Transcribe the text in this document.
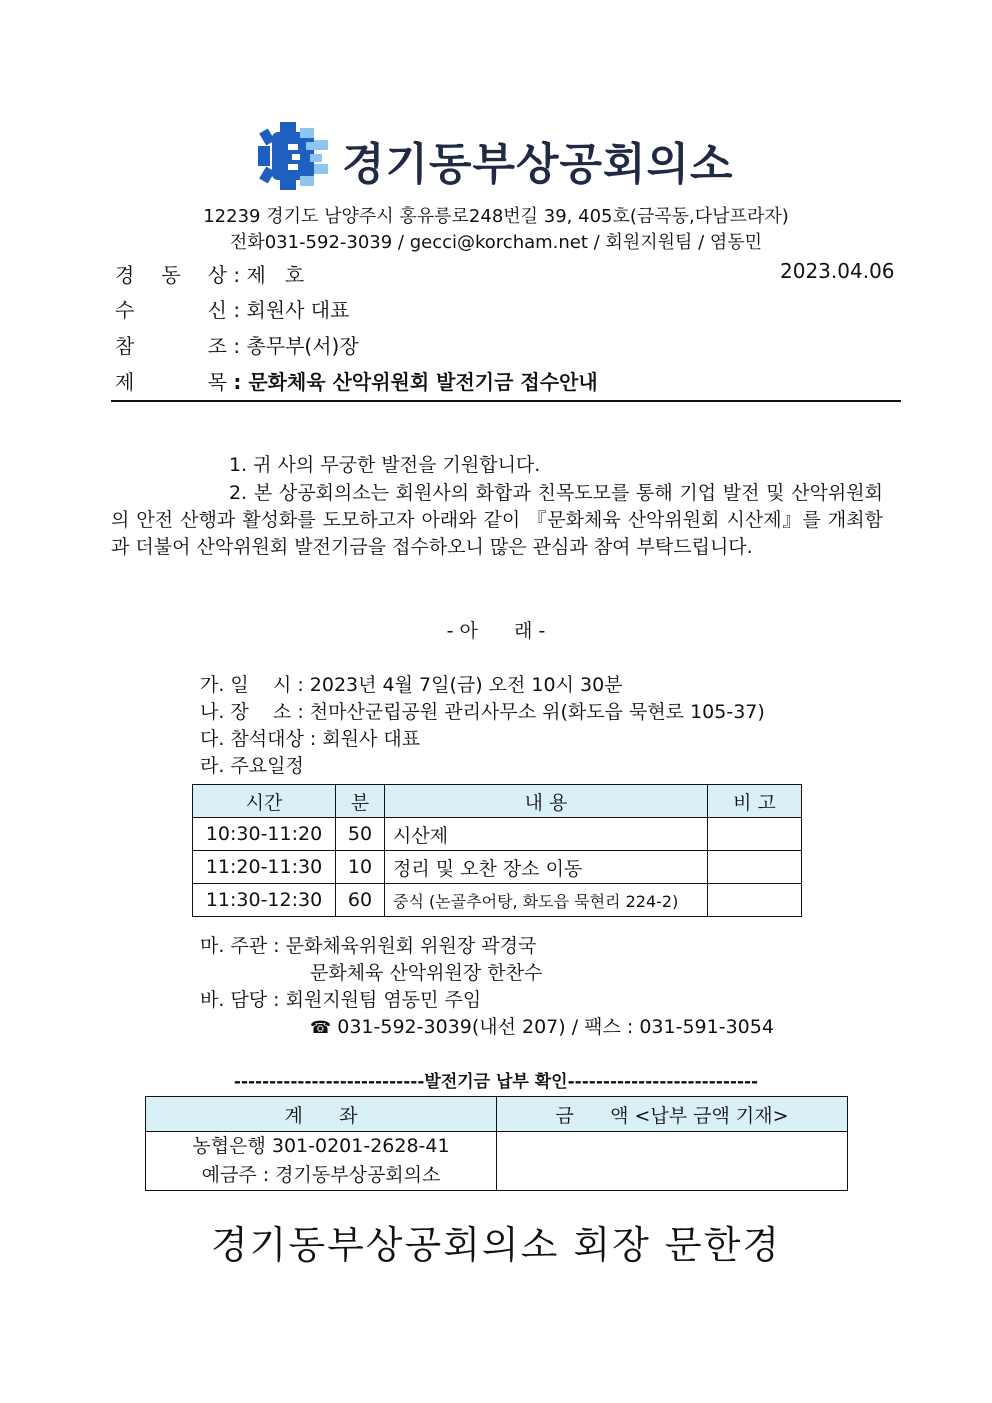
경기동부상공회의소
12239 경기도 남양주시 홍유릉로248번길 39, 405호(금곡동,다남프라자)
전화031-592-3039 / gecci@korcham.net / 회원지원팀 / 염동민
경 동 상 : 제   호	2023.04.06
수 신 : 회원사 대표
참 조 : 총무부(서)장
제 목 : 문화체육 산악위원회 발전기금 접수안내
1. 귀 사의 무궁한 발전을 기원합니다.
2. 본 상공회의소는 회원사의 화합과 친목도모를 통해 기업 발전 및 산악위원회의 안전 산행과 활성화를 도모하고자 아래와 같이 『문화체육 산악위원회 시산제』를 개최함과 더불어 산악위원회 발전기금을 접수하오니 많은 관심과 참여 부탁드립니다.
- 아      래 -
가. 일    시 : 2023년 4월 7일(금) 오전 10시 30분
나. 장    소 : 천마산군립공원 관리사무소 위(화도읍 묵현로 105-37)
다. 참석대상 : 회원사 대표
라. 주요일정
시간	분	내 용	비 고
10:30-11:20	50	시산제	
11:20-11:30	10	정리 및 오찬 장소 이동	
11:30-12:30	60	중식 (논골추어탕, 화도읍 묵현리 224-2)	
마. 주관 : 문화체육위원회 위원장 곽경국
문화체육 산악위원장 한찬수
바. 담당 : 회원지원팀 염동민 주임
☎ 031-592-3039(내선 207) / 팩스 : 031-591-3054
---------------------------발전기금 납부 확인---------------------------
계      좌	금      액 <납부 금액 기재>

농협은행 301-0201-2628-41
예금주 : 경기동부상공회의소	

경기동부상공회의소 회장 문한경
